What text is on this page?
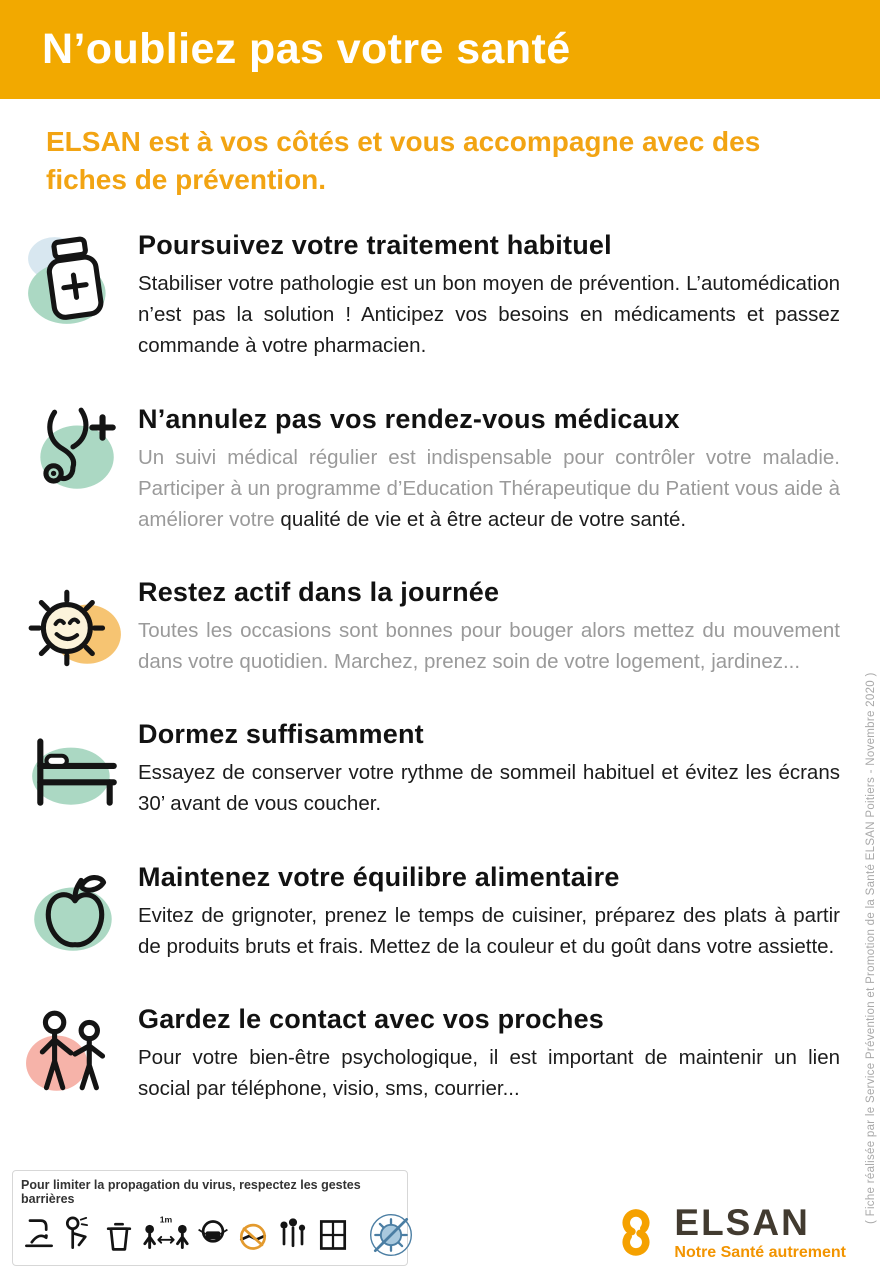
N’oubliez pas votre santé

ELSAN est à vos côtés et vous accompagne avec des fiches de prévention.

Poursuivez votre traitement habituel

Stabiliser votre pathologie est un bon moyen de prévention. L’automédication n’est pas la solution ! Anticipez vos besoins en médicaments et passez commande à votre pharmacien.

N’annulez pas vos rendez-vous médicaux

Un suivi médical régulier est indispensable pour contrôler votre maladie. Participer à un programme d’Education Thérapeutique du Patient vous aide à améliorer votre qualité de vie et à être acteur de votre santé.

Restez actif dans la journée

Toutes les occasions sont bonnes pour bouger alors mettez du mouvement dans votre quotidien. Marchez, prenez soin de votre logement, jardinez...

Dormez suffisamment

Essayez de conserver votre rythme de sommeil habituel et évitez les écrans 30’ avant de vous coucher.

Maintenez votre équilibre alimentaire

Evitez de grignoter, prenez le temps de cuisiner, préparez des plats à partir de produits bruts et frais. Mettez de la couleur et du goût dans votre assiette.

Gardez le contact avec vos proches

Pour votre bien-être psychologique, il est important de maintenir un lien social par téléphone, visio, sms, courrier...	( Fiche réalisée par le Service Prévention et Promotion de la Santé ELSAN Poitiers - Novembre 2020 )
Pour limiter la propagation du virus, respectez les gestes barrières
1m	ELSAN
Notre Santé autrement
